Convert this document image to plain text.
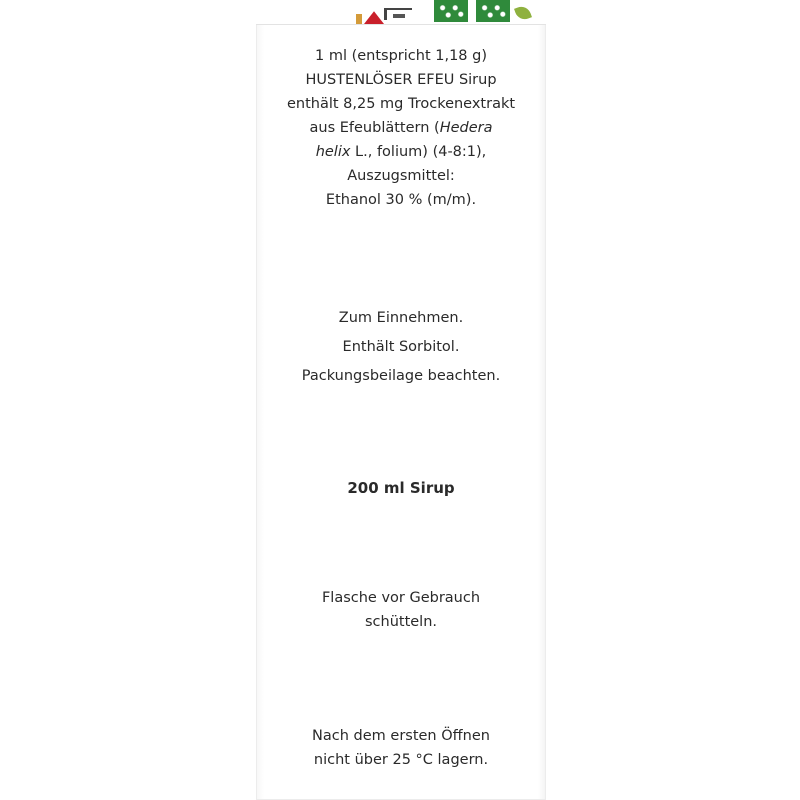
1 ml (entspricht 1,18 g)

HUSTENLÖSER EFEU Sirup

enthält 8,25 mg Trockenextrakt

aus Efeublättern (Hedera

helix L., folium) (4-8:1),

Auszugsmittel:

Ethanol 30 % (m/m).

Zum Einnehmen.

Enthält Sorbitol.

Packungsbeilage beachten.

200 ml Sirup

Flasche vor Gebrauch

schütteln.

Nach dem ersten Öffnen

nicht über 25 °C lagern.
